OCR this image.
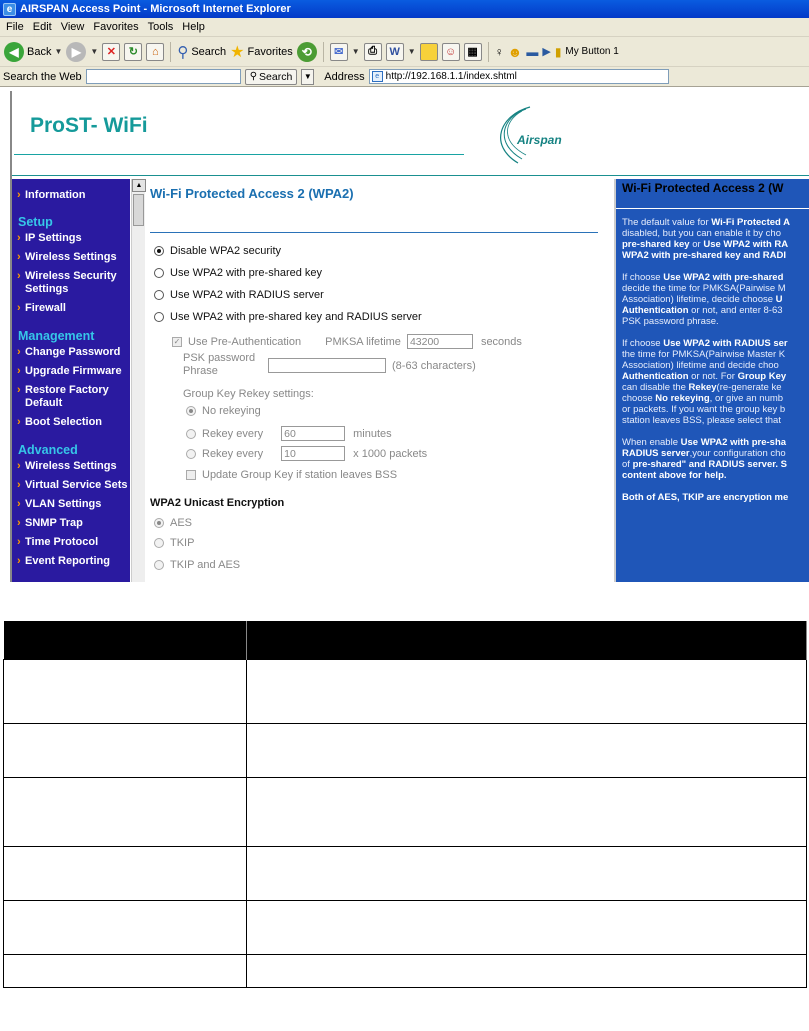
e AIRSPAN Access Point - Microsoft Internet Explorer
File Edit View Favorites Tools Help
◀ Back ▼ ▶	▼ ✕	↻	⌂	⚲ Search ★ Favorites ⟲	✉	▼ ⎙	W ▼	☺	▦	♀ ☻ ▬ ▶ ▮ My Button 1
Search the Web	⚲ Search	▼ Address	e http://192.168.1.1/index.shtml
ProST- WiFi
Airspan
› Information
Setup
› IP Settings
› Wireless Settings
› Wireless Security Settings
› Firewall
Management
› Change Password
› Upgrade Firmware
› Restore Factory Default
› Boot Selection
Advanced
› Wireless Settings
› Virtual Service Sets
› VLAN Settings
› SNMP Trap
› Time Protocol
› Event Reporting
▲
Wi-Fi Protected Access 2 (WPA2)
Disable WPA2 security
Use WPA2 with pre-shared key
Use WPA2 with RADIUS server
Use WPA2 with pre-shared key and RADIUS server
✓ Use Pre-Authentication PMKSA lifetime 43200	seconds
PSK password
Phrase	(8-63 characters)
Group Key Rekey settings:
No rekeying
Rekey every 60	minutes
Rekey every 10	x 1000 packets
Update Group Key if station leaves BSS
WPA2 Unicast Encryption
AES
TKIP
TKIP and AES
Wi-Fi Protected Access 2 (W

The default value for Wi-Fi Protected A
disabled, but you can enable it by cho
pre-shared key or Use WPA2 with RA
WPA2 with pre-shared key and RADI

If choose Use WPA2 with pre-shared
decide the time for PMKSA(Pairwise M
Association) lifetime, decide choose U
Authentication or not, and enter 8-63
PSK password phrase.

If choose Use WPA2 with RADIUS ser
the time for PMKSA(Pairwise Master K
Association) lifetime and decide choo
Authentication or not. For Group Key
can disable the Rekey(re-generate ke
choose No rekeying, or give an numb
or packets. If you want the group key b
station leaves BSS, please select that

When enable Use WPA2 with pre-sha
RADIUS server,your configuration cho
of pre-shared" and RADIUS server. S
content above for help.

Both of AES, TKIP are encryption me
